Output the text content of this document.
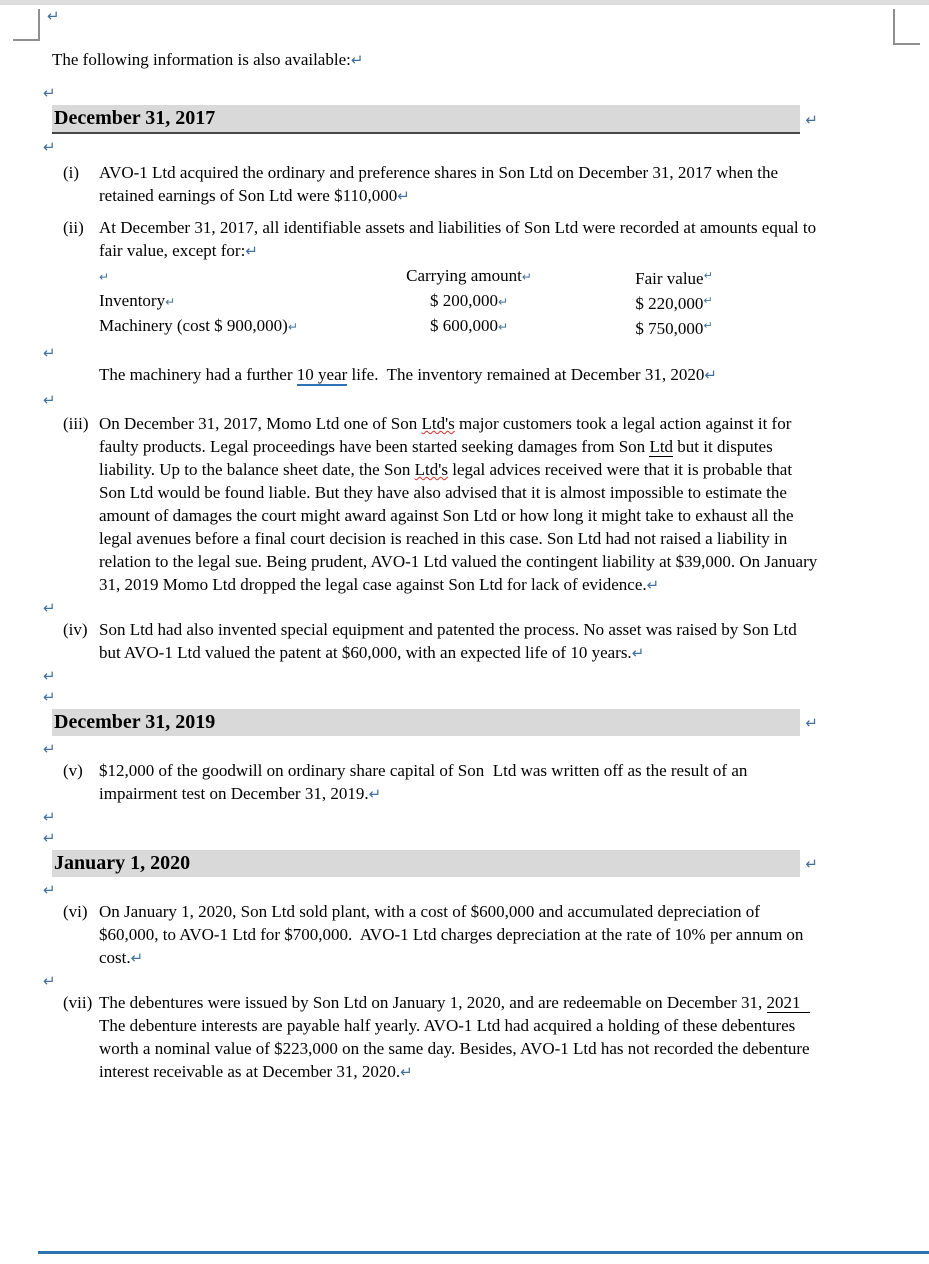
↵

The following information is also available:↵

↵
December 31, 2017	↵
↵
(i)	AVO-1 Ltd acquired the ordinary and preference shares in Son Ltd on December 31, 2017 when the retained earnings of Son Ltd were $110,000↵
(ii) At December 31, 2017, all identifiable assets and liabilities of Son Ltd were recorded at amounts equal to fair value, except for:↵
↵	Carrying amount↵	Fair value↵
Inventory↵	$ 200,000↵	$ 220,000↵
Machinery (cost $ 900,000)↵	$ 600,000↵	$ 750,000↵
↵

The machinery had a further 10 year life.  The inventory remained at December 31, 2020↵

↵
(iii) On December 31, 2017, Momo Ltd one of Son Ltd's major customers took a legal action against it for faulty products. Legal proceedings have been started seeking damages from Son Ltd but it disputes liability. Up to the balance sheet date, the Son Ltd's legal advices received were that it is probable that Son Ltd would be found liable. But they have also advised that it is almost impossible to estimate the amount of damages the court might award against Son Ltd or how long it might take to exhaust all the legal avenues before a final court decision is reached in this case. Son Ltd had not raised a liability in relation to the legal sue. Being prudent, AVO-1 Ltd valued the contingent liability at $39,000. On January 31, 2019 Momo Ltd dropped the legal case against Son Ltd for lack of evidence.↵
↵
(iv) Son Ltd had also invented special equipment and patented the process. No asset was raised by Son Ltd but AVO-1 Ltd valued the patent at $60,000, with an expected life of 10 years.↵
↵
↵
December 31, 2019	↵
↵
(v) $12,000 of the goodwill on ordinary share capital of Son  Ltd was written off as the result of an impairment test on December 31, 2019.↵
↵
↵
January 1, 2020	↵
↵
(vi) On January 1, 2020, Son Ltd sold plant, with a cost of $600,000 and accumulated depreciation of $60,000, to AVO-1 Ltd for $700,000.  AVO-1 Ltd charges depreciation at the rate of 10% per annum on cost.↵
↵
(vii) The debentures were issued by Son Ltd on January 1, 2020, and are redeemable on December 31, 2021 The debenture interests are payable half yearly. AVO-1 Ltd had acquired a holding of these debentures worth a nominal value of $223,000 on the same day. Besides, AVO-1 Ltd has not recorded the debenture interest receivable as at December 31, 2020.↵
